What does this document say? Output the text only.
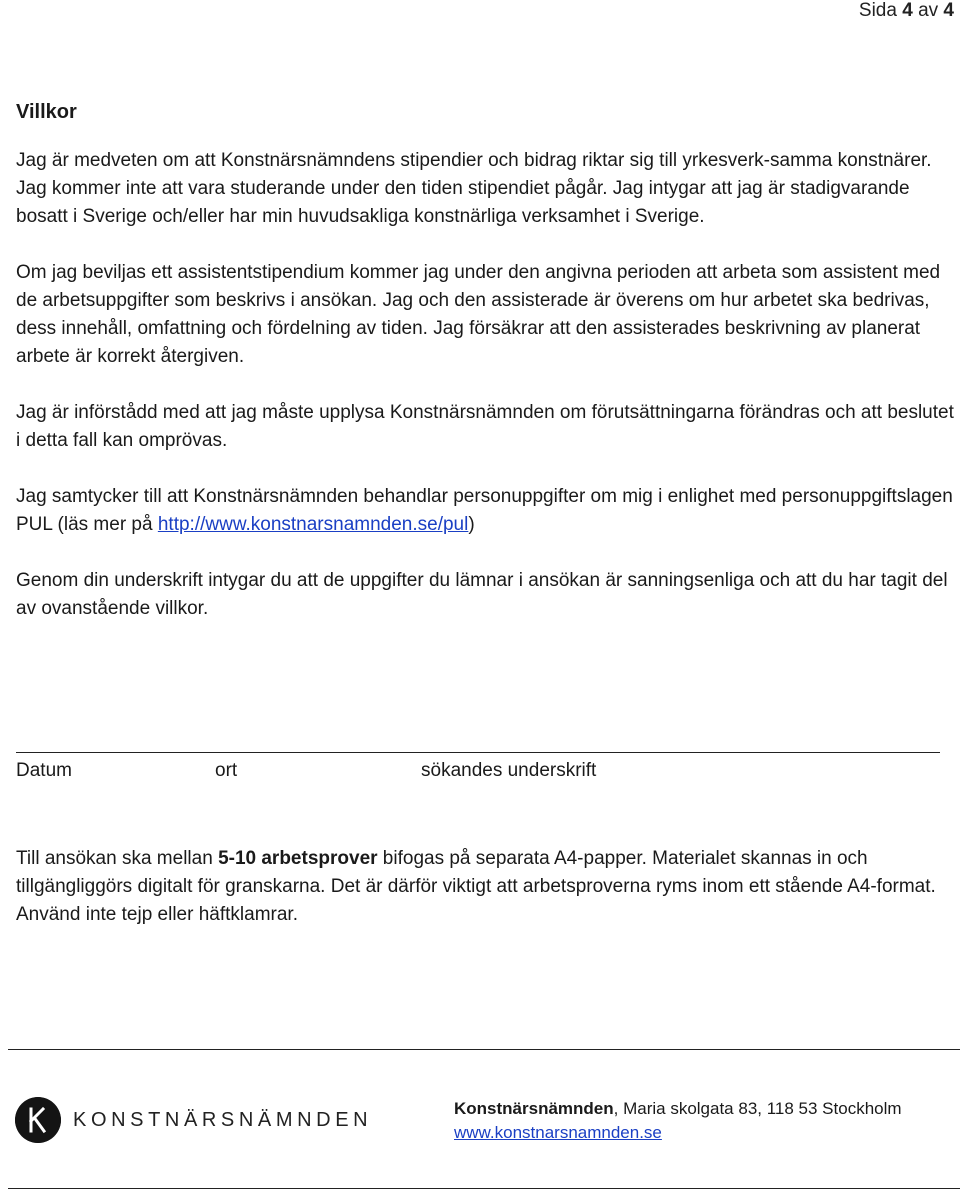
Sida 4 av 4
Villkor

Jag är medveten om att Konstnärsnämndens stipendier och bidrag riktar sig till yrkesverk-samma konstnärer. Jag kommer inte att vara studerande under den tiden stipendiet pågår. Jag intygar att jag är stadigvarande bosatt i Sverige och/eller har min huvudsakliga konstnärliga verksamhet i Sverige.

Om jag beviljas ett assistentstipendium kommer jag under den angivna perioden att arbeta som assistent med de arbetsuppgifter som beskrivs i ansökan. Jag och den assisterade är överens om hur arbetet ska bedrivas, dess innehåll, omfattning och fördelning av tiden. Jag försäkrar att den assisterades beskrivning av planerat arbete är korrekt återgiven.

Jag är införstådd med att jag måste upplysa Konstnärsnämnden om förutsättningarna förändras och att beslutet i detta fall kan omprövas.

Jag samtycker till att Konstnärsnämnden behandlar personuppgifter om mig i enlighet med personuppgiftslagen PUL (läs mer på http://www.konstnarsnamnden.se/pul)

Genom din underskrift intygar du att de uppgifter du lämnar i ansökan är sanningsenliga och att du har tagit del av ovanstående villkor.

Datum	ort	sökandes underskrift
Till ansökan ska mellan 5-10 arbetsprover bifogas på separata A4-papper. Materialet skannas in och tillgängliggörs digitalt för granskarna. Det är därför viktigt att arbetsproverna ryms inom ett stående A4-format. Använd inte tejp eller häftklamrar.
KONSTNÄRSNÄMNDEN	Konstnärsnämnden, Maria skolgata 83, 118 53 Stockholm
www.konstnarsnamnden.se
